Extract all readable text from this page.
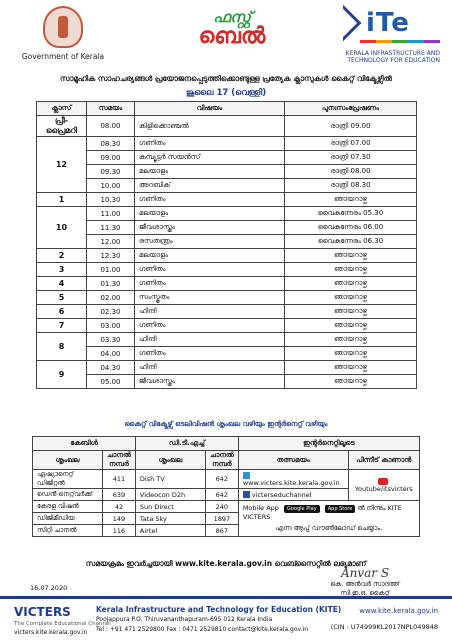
Government of Kerala
ഫസ്റ്റ്
ബെൽ	iTe
KERALA INFRASTRUCTURE AND TECHNOLOGY FOR EDUCATION
സാമൂഹിക സാഹചര്യങ്ങൾ പ്രയോജനപ്പെടുത്തിക്കൊണ്ടുള്ള പ്രത്യേക ക്ലാസുകൾ കൈറ്റ് വിക്ടേഴ്സിൽ
ജൂലൈ 17 (വെള്ളി)
ക്ലാസ്	സമയം	വിഷയം	പുനഃസംപ്രേഷണം
പ്രീ-പ്രൈമറി	08.00	കിളിക്കൊഞ്ചൽ	രാത്രി 09.00
12	08.30	ഗണിതം	രാത്രി 07.00
	09.00	കമ്പ്യൂട്ടർ സയൻസ്	രാത്രി 07.30
	09.30	മലയാളം	രാത്രി 08.00
	10.00	അറബിക്	രാത്രി 08.30
1	10.30	ഗണിതം	ഞായറാഴ്ച
10	11.00	മലയാളം	വൈകുന്നേരം 05.30
	11.30	ജീവശാസ്ത്രം	വൈകുന്നേരം 06.00
	12.00	രസതന്ത്രം	വൈകുന്നേരം 06.30
2	12.30	മലയാളം	ഞായറാഴ്ച
3	01.00	ഗണിതം	ഞായറാഴ്ച
4	01.30	ഗണിതം	ഞായറാഴ്ച
5	02.00	സംസ്കൃതം	ഞായറാഴ്ച
6	02.30	ഹിന്ദി	ഞായറാഴ്ച
7	03.00	ഗണിതം	ഞായറാഴ്ച
8	03.30	ഹിന്ദി	ഞായറാഴ്ച
	04.00	ഗണിതം	ഞായറാഴ്ച
9	04.30	ഹിന്ദി	ഞായറാഴ്ച
	05.00	ജീവശാസ്ത്രം	ഞായറാഴ്ച
കൈറ്റ് വിക്ടേഴ്സ് ടെലിവിഷൻ ശൃംഖല വഴിയും ഇന്റർനെറ്റ് വഴിയും
കേബിൾ		ഡി.ടി.എച്ച്		ഇന്റർനെറ്റിലൂടെ	
ശൃംഖല	ചാനൽ നമ്പർ	ശൃംഖല	ചാനൽ നമ്പർ	തത്സമയം	പിന്നീട് കാണാൻ
ഏഷ്യാനെറ്റ് ഡിജിറ്റൽ	411	Dish TV	642	www.victers.kite.kerala.gov.in	Youtube/itsvicters
ഡെൻ നെറ്റ്‌വർക്ക്	639	Videocon D2h	642	victerseduchannel	
കേരള വിഷൻ	42	Sun Direct	240	Mobile App Google Play App Store ൽ നിന്നും KITE VICTERS
എന്ന ആപ്പ് ഡൗൺലോഡ് ചെയ്യാം.	

ഡിജിമീഡിയ	149	Tata Sky	1897		
സിറ്റി ചാനൽ	116	Airtel	867		
സമയക്രമം ഇവർച്ചയായി www.kite.kerala.gov.in വെബ്സൈറ്റിൽ ലഭ്യമാണ്
16.07.2020
Anvar S
കെ. അൻവർ സാദത്ത്
സി.ഇ.ഒ, കൈറ്റ്
VICTERS
The Complete Educational Channel
victers.kite.kerala.gov.in
Kerala Infrastructure and Technology for Education (KITE)
Poojappura P.O. Thiruvananthapuram-695 012 Kerala India
Tel : +91 471 2529800 Fax : 0471 2529810 contact@kite.kerala.gov.in
www.kite.kerala.gov.in
(CIN : U74999KL2017NPL049848
